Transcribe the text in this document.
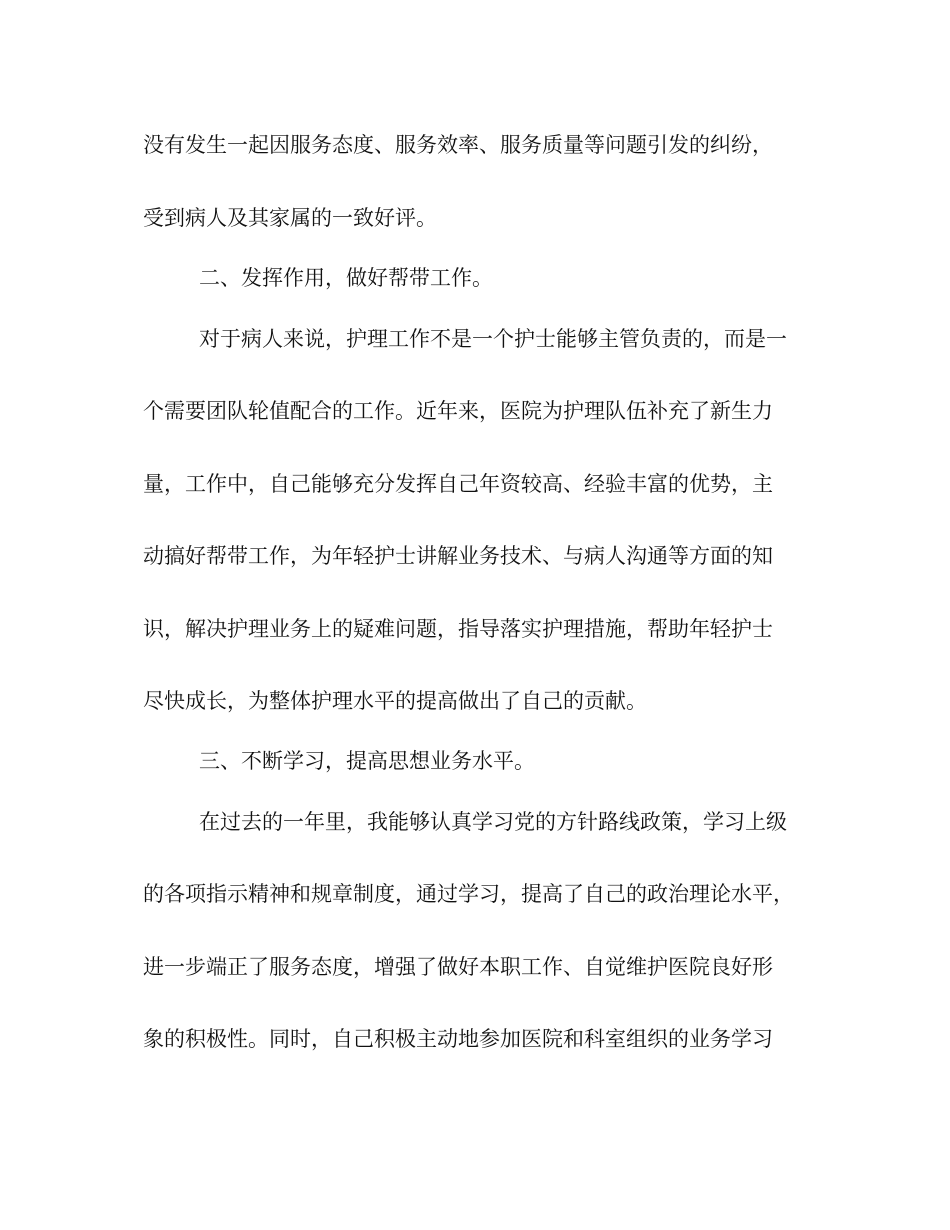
没有发生一起因服务态度、服务效率、服务质量等问题引发的纠纷，
受到病人及其家属的一致好评。
二、发挥作用，做好帮带工作。
对于病人来说，护理工作不是一个护士能够主管负责的，而是一
个需要团队轮值配合的工作。近年来，医院为护理队伍补充了新生力
量，工作中，自己能够充分发挥自己年资较高、经验丰富的优势，主
动搞好帮带工作，为年轻护士讲解业务技术、与病人沟通等方面的知
识，解决护理业务上的疑难问题，指导落实护理措施，帮助年轻护士
尽快成长，为整体护理水平的提高做出了自己的贡献。
三、不断学习，提高思想业务水平。
在过去的一年里，我能够认真学习党的方针路线政策，学习上级
的各项指示精神和规章制度，通过学习，提高了自己的政治理论水平，
进一步端正了服务态度，增强了做好本职工作、自觉维护医院良好形
象的积极性。同时，自己积极主动地参加医院和科室组织的业务学习
